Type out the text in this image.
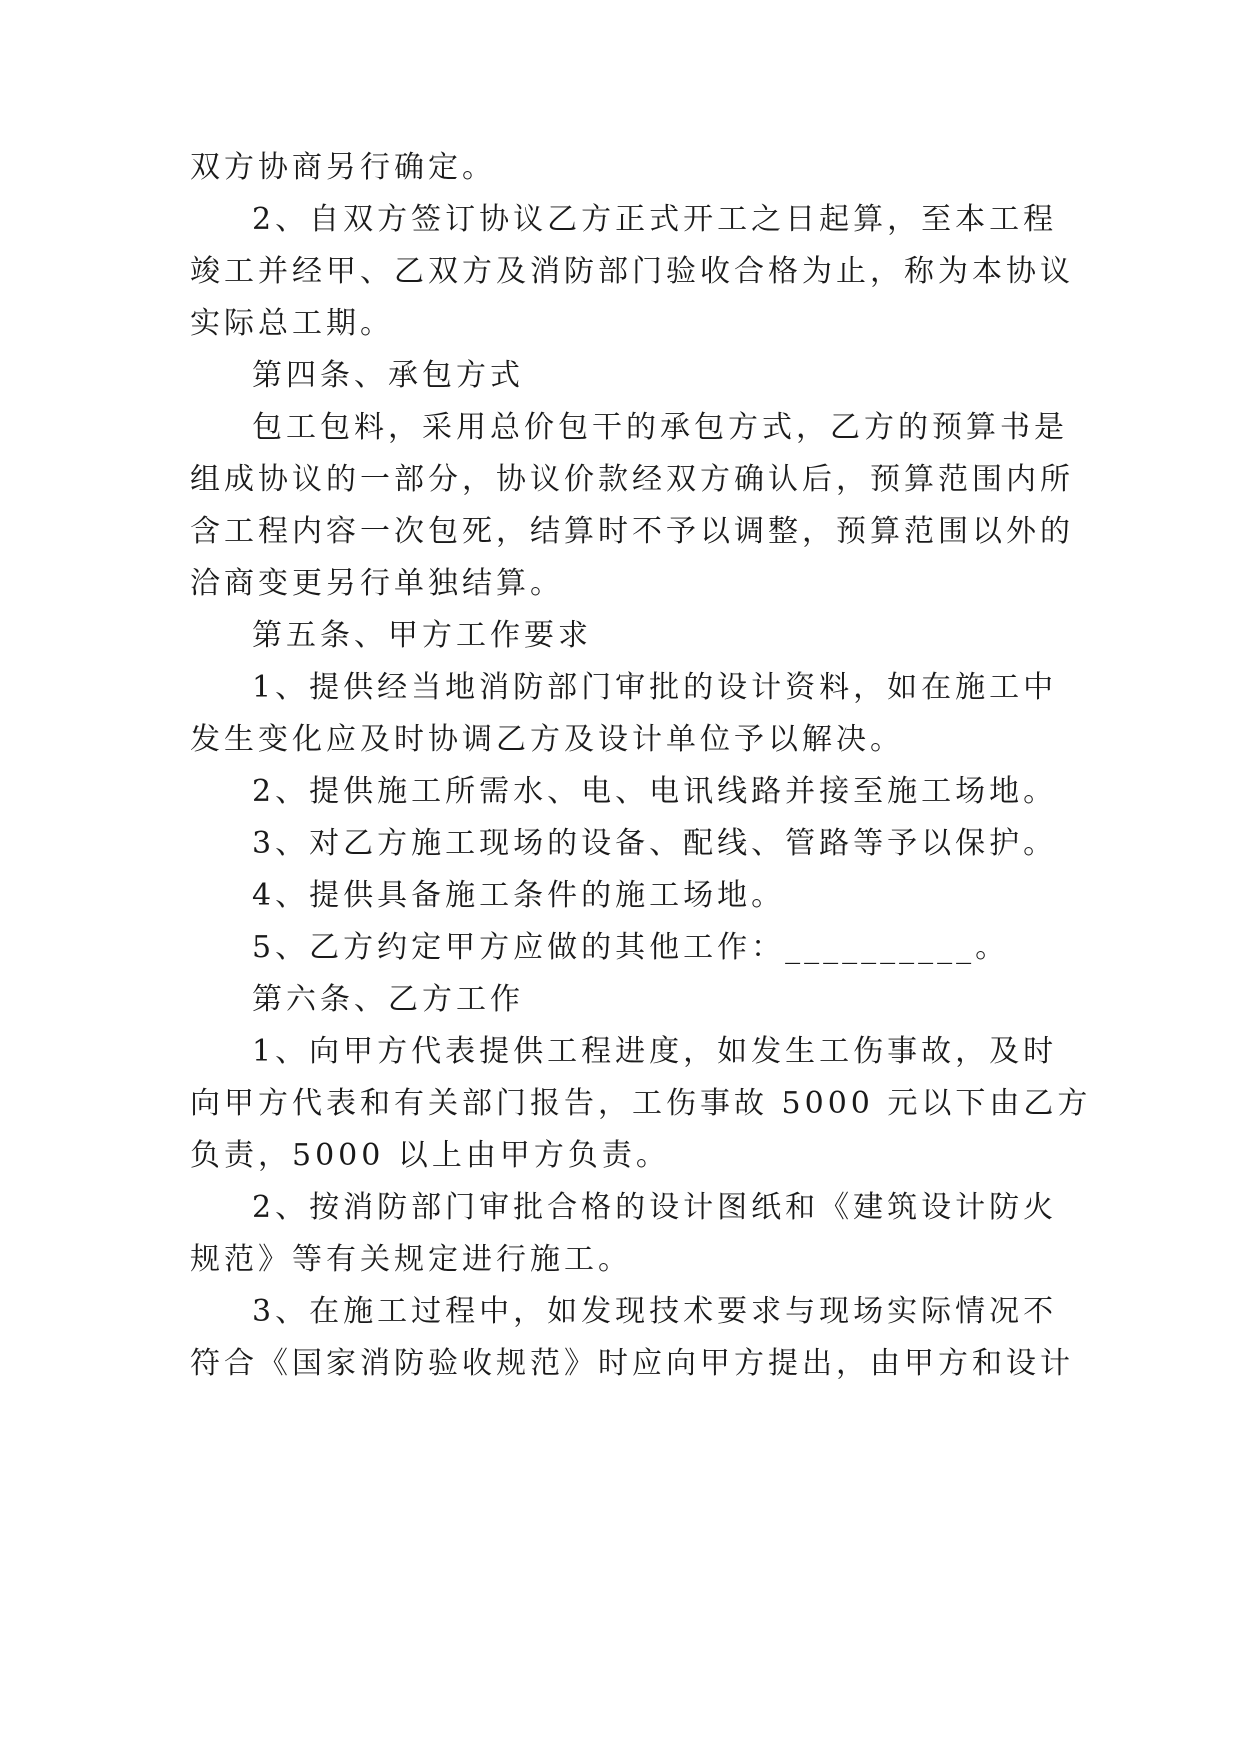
双方协商另行确定。
2、自双方签订协议乙方正式开工之日起算，至本工程
竣工并经甲、乙双方及消防部门验收合格为止，称为本协议
实际总工期。
第四条、承包方式
包工包料，采用总价包干的承包方式，乙方的预算书是
组成协议的一部分，协议价款经双方确认后，预算范围内所
含工程内容一次包死，结算时不予以调整，预算范围以外的
洽商变更另行单独结算。
第五条、甲方工作要求
1、提供经当地消防部门审批的设计资料，如在施工中
发生变化应及时协调乙方及设计单位予以解决。
2、提供施工所需水、电、电讯线路并接至施工场地。
3、对乙方施工现场的设备、配线、管路等予以保护。
4、提供具备施工条件的施工场地。
5、乙方约定甲方应做的其他工作：__________。
第六条、乙方工作
1、向甲方代表提供工程进度，如发生工伤事故，及时
向甲方代表和有关部门报告，工伤事故 5000 元以下由乙方
负责，5000 以上由甲方负责。
2、按消防部门审批合格的设计图纸和《建筑设计防火
规范》等有关规定进行施工。
3、在施工过程中，如发现技术要求与现场实际情况不
符合《国家消防验收规范》时应向甲方提出，由甲方和设计
